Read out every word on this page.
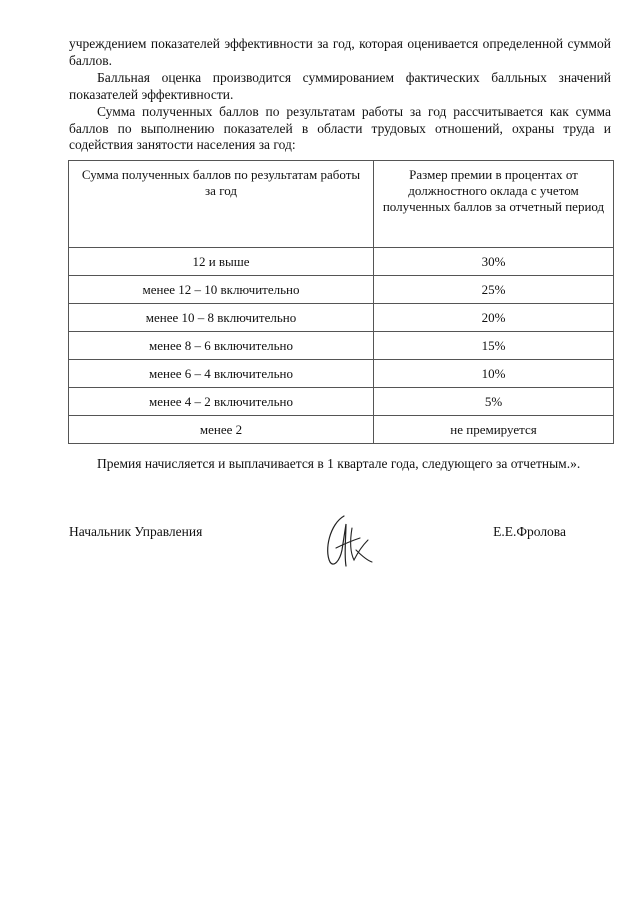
учреждением показателей эффективности за год, которая оценивается определенной суммой баллов.

Балльная оценка производится суммированием фактических балльных значений показателей эффективности.

Сумма полученных баллов по результатам работы за год рассчитывается как сумма баллов по выполнению показателей в области трудовых отношений, охраны труда и содействия занятости населения за год:

Сумма полученных баллов по результатам работы за год	Размер премии в процентах от должностного оклада с учетом полученных баллов за отчетный период
12 и выше	30%
менее 12 – 10 включительно	25%
менее 10 – 8 включительно	20%
менее 8 – 6 включительно	15%
менее 6 – 4 включительно	10%
менее 4 – 2 включительно	5%
менее 2	не премируется

Премия начисляется и выплачивается в 1 квартале года, следующего за отчетным.».

Начальник Управления	Е.Е.Фролова
